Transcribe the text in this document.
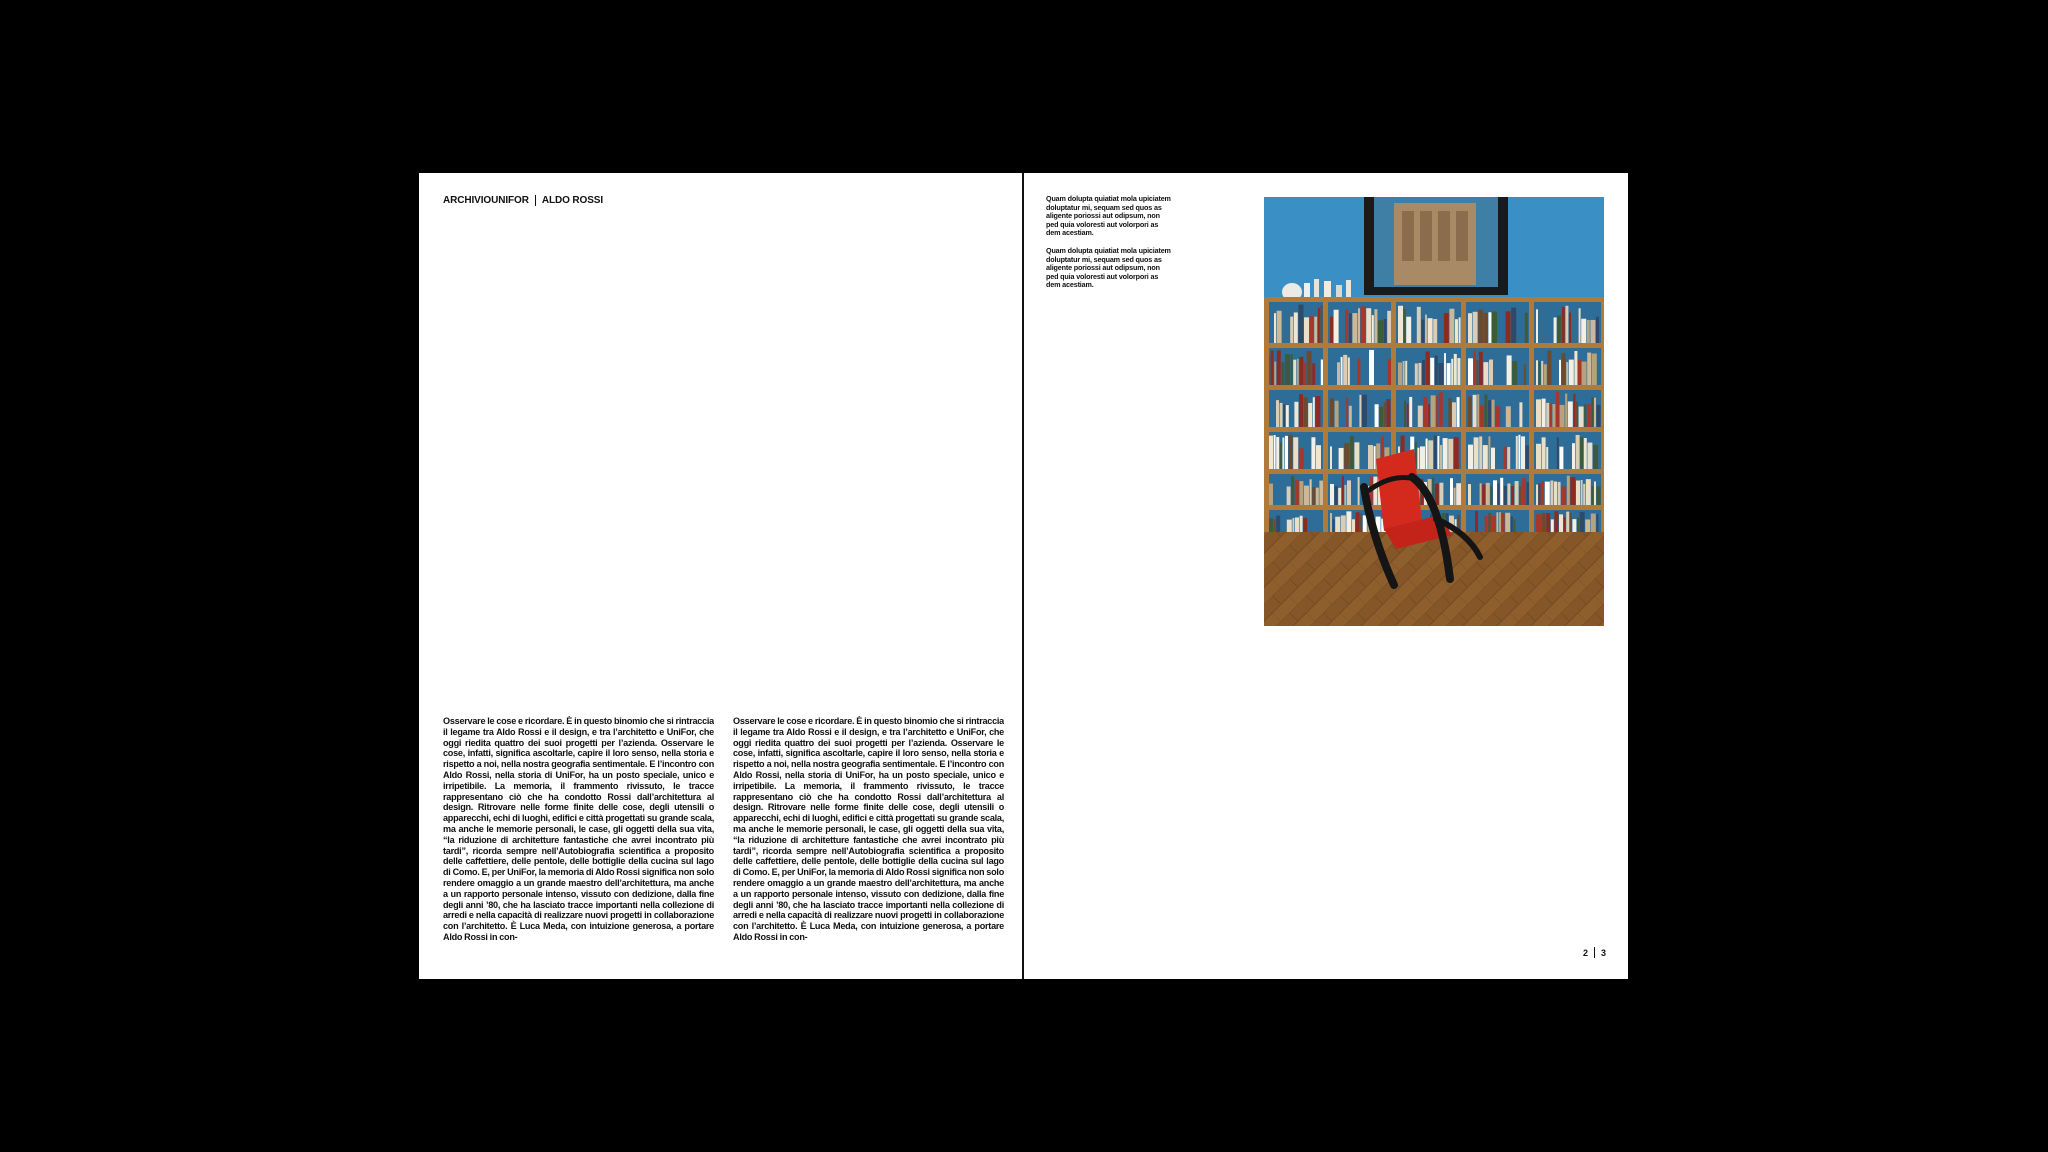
ARCHIVIOUNIFOR ALDO ROSSI

Osservare le cose e ricordare. È in questo binomio che si rintraccia il legame tra Aldo Rossi e il design, e tra l’architetto e UniFor, che oggi riedita quattro dei suoi progetti per l’azienda. Osservare le cose, infatti, significa ascoltarle, capire il loro senso, nella storia e rispetto a noi, nella nostra geografia sentimentale. E l’incontro con Aldo Rossi, nella storia di UniFor, ha un posto speciale, unico e irripetibile. La memoria, il frammento rivissuto, le tracce rappresentano ciò che ha condotto Rossi dall’architettura al design. Ritrovare nelle forme finite delle cose, degli utensili o apparecchi, echi di luoghi, edifici e città progettati su grande scala, ma anche le memorie personali, le case, gli oggetti della sua vita, “la riduzione di architetture fantastiche che avrei incontrato più tardi”, ricorda sempre nell’Autobiografia scientifica a proposito delle caffettiere, delle pentole, delle bottiglie della cucina sul lago di Como. E, per UniFor, la memoria di Aldo Rossi significa non solo rendere omaggio a un grande maestro dell’architettura, ma anche a un rapporto personale intenso, vissuto con dedizione, dalla fine degli anni ’80, che ha lasciato tracce importanti nella collezione di arredi e nella capacità di realizzare nuovi progetti in collaborazione con l’architetto. È Luca Meda, con intuizione generosa, a portare Aldo Rossi in con-

Osservare le cose e ricordare. È in questo binomio che si rintraccia il legame tra Aldo Rossi e il design, e tra l’architetto e UniFor, che oggi riedita quattro dei suoi progetti per l’azienda. Osservare le cose, infatti, significa ascoltarle, capire il loro senso, nella storia e rispetto a noi, nella nostra geografia sentimentale. E l’incontro con Aldo Rossi, nella storia di UniFor, ha un posto speciale, unico e irripetibile. La memoria, il frammento rivissuto, le tracce rappresentano ciò che ha condotto Rossi dall’architettura al design. Ritrovare nelle forme finite delle cose, degli utensili o apparecchi, echi di luoghi, edifici e città progettati su grande scala, ma anche le memorie personali, le case, gli oggetti della sua vita, “la riduzione di architetture fantastiche che avrei incontrato più tardi”, ricorda sempre nell’Autobiografia scientifica a proposito delle caffettiere, delle pentole, delle bottiglie della cucina sul lago di Como. E, per UniFor, la memoria di Aldo Rossi significa non solo rendere omaggio a un grande maestro dell’architettura, ma anche a un rapporto personale intenso, vissuto con dedizione, dalla fine degli anni ’80, che ha lasciato tracce importanti nella collezione di arredi e nella capacità di realizzare nuovi progetti in collaborazione con l’architetto. È Luca Meda, con intuizione generosa, a portare Aldo Rossi in con-

Quam dolupta quiatiat mola upiciatem doluptatur mi, sequam sed quos as aligente poriossi aut odipsum, non ped quia voloresti aut volorpori as dem acestiam.

Quam dolupta quiatiat mola upiciatem doluptatur mi, sequam sed quos as aligente poriossi aut odipsum, non ped quia voloresti aut volorpori as dem acestiam.

2 3
